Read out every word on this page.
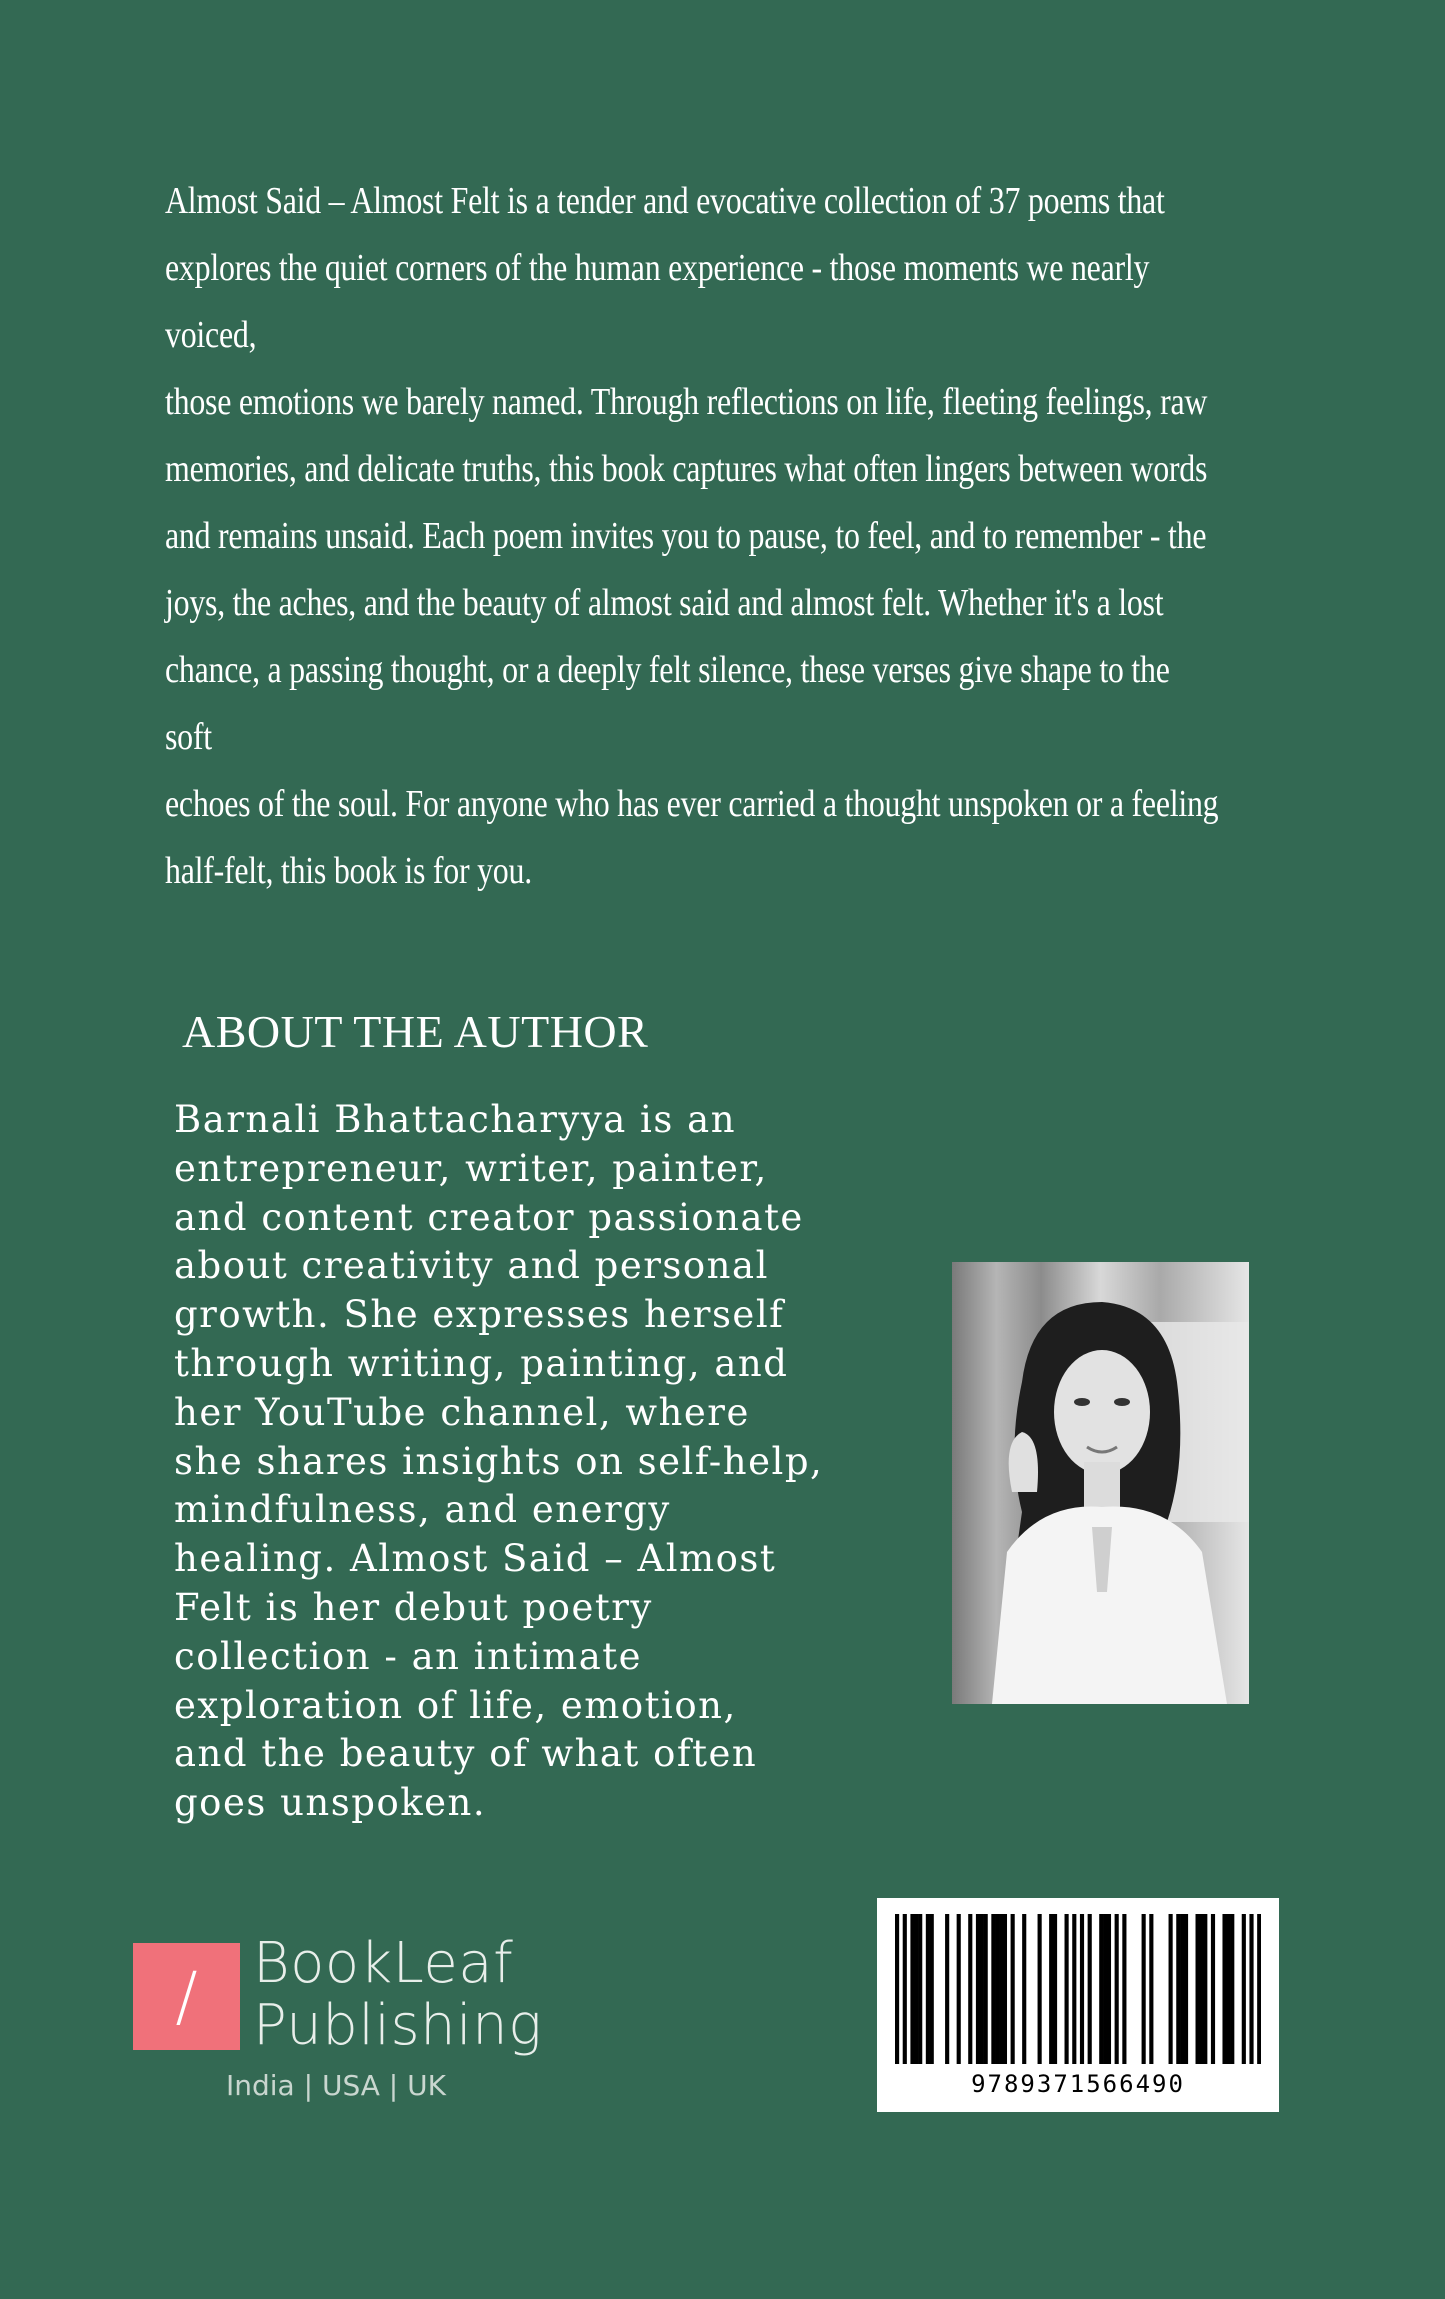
Almost Said – Almost Felt is a tender and evocative collection of 37 poems that
explores the quiet corners of the human experience - those moments we nearly voiced,
those emotions we barely named. Through reflections on life, fleeting feelings, raw
memories, and delicate truths, this book captures what often lingers between words
and remains unsaid. Each poem invites you to pause, to feel, and to remember - the
joys, the aches, and the beauty of almost said and almost felt. Whether it's a lost
chance, a passing thought, or a deeply felt silence, these verses give shape to the soft
echoes of the soul. For anyone who has ever carried a thought unspoken or a feeling
half-felt, this book is for you.
ABOUT THE AUTHOR
Barnali Bhattacharyya is an
entrepreneur, writer, painter,
and content creator passionate
about creativity and personal
growth. She expresses herself
through writing, painting, and
her YouTube channel, where
she shares insights on self-help,
mindfulness, and energy
healing. Almost Said – Almost
Felt is her debut poetry
collection - an intimate
exploration of life, emotion,
and the beauty of what often
goes unspoken.
/ BookLeaf
Publishing
India | USA | UK	9789371566490
